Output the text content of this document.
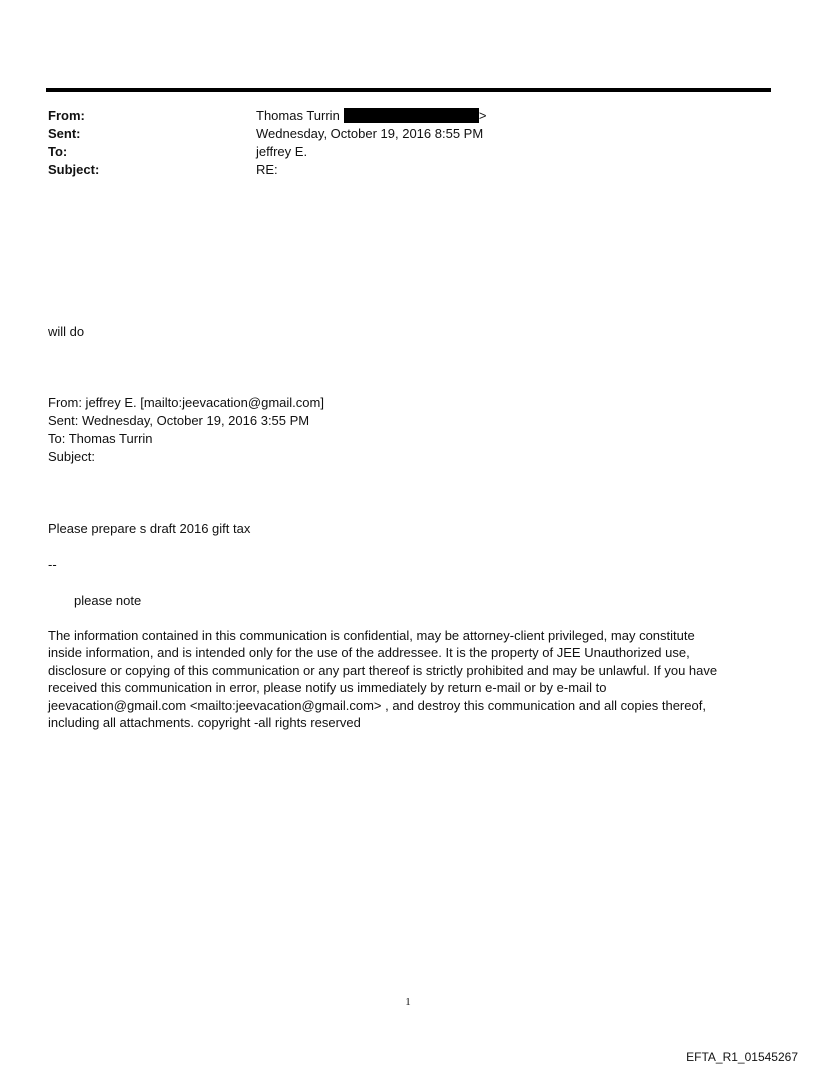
From:	Thomas Turrin	>
Sent:	Wednesday, October 19, 2016 8:55 PM
To:	jeffrey E.
Subject:	RE:
will do
From: jeffrey E. [mailto:jeevacation@gmail.com]
Sent: Wednesday, October 19, 2016 3:55 PM
To: Thomas Turrin
Subject:
Please prepare s draft 2016 gift tax
--
please note
The information contained in this communication is confidential, may be attorney-client privileged, may constitute
inside information, and is intended only for the use of the addressee. It is the property of JEE Unauthorized use,
disclosure or copying of this communication or any part thereof is strictly prohibited and may be unlawful. If you have
received this communication in error, please notify us immediately by return e-mail or by e-mail to
jeevacation@gmail.com <mailto:jeevacation@gmail.com> , and destroy this communication and all copies thereof,
including all attachments. copyright -all rights reserved
1
EFTA_R1_01545267
